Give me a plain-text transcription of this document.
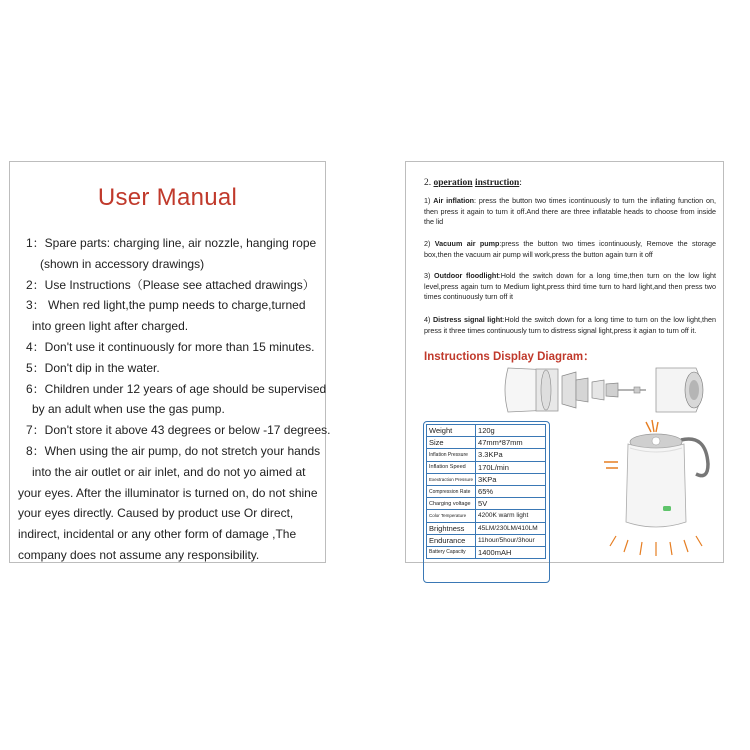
User Manual
1：Spare parts: charging line, air nozzle, hanging rope
(shown in accessory drawings)
2：Use Instructions（Please see attached drawings）
3： When red light,the pump needs to charge,turned
into green light after charged.
4：Don't use it continuously for more than 15 minutes.
5：Don't dip in the water.
6：Children under 12 years of age should be supervised
by an adult when use the gas pump.
7：Don't store it above 43 degrees or below -17 degrees.
8：When using the air pump, do not stretch your hands
into the air outlet or air inlet, and do not yo aimed at
your eyes. After the illuminator is turned on, do not shine
your eyes directly. Caused by product use Or direct,
indirect, incidental or any other form of damage ,The
company does not assume any responsibility.
2. operation instruction:
1) Air inflation: press the button two times icontinuously to turn the inflating function on, then press it again to turn it off.And there are three inflatable heads to choose from inside the lid
2) Vacuum air pump:press the button two times icontinuously, Remove the storage box,then the vacuum air pump will work,press the button again turn it off
3) Outdoor floodlight:Hold the switch down for a long time,then turn on the low light level,press again turn to Medium light,press third time turn to hard light,and then press two times continuously turn off it
4) Distress signal light:Hold the switch down for a long time to turn on the low light,then press it three times continuously turn to distress signal light,press it agian to turn off it.
Instructions Display Diagram：
Weight	120g
Size	47mm*87mm
Inflation Pressure	3.3KPa
Inflation Speed	170L/min
Exextraction Pressure	3KPa
Compression Rate	65%
Charging voltage	5V
Color Temperature	4200K warm light
Brightness	45LM/230LM/410LM
Endurance	11hour/5hour/3hour
Battery Capacity	1400mAH
